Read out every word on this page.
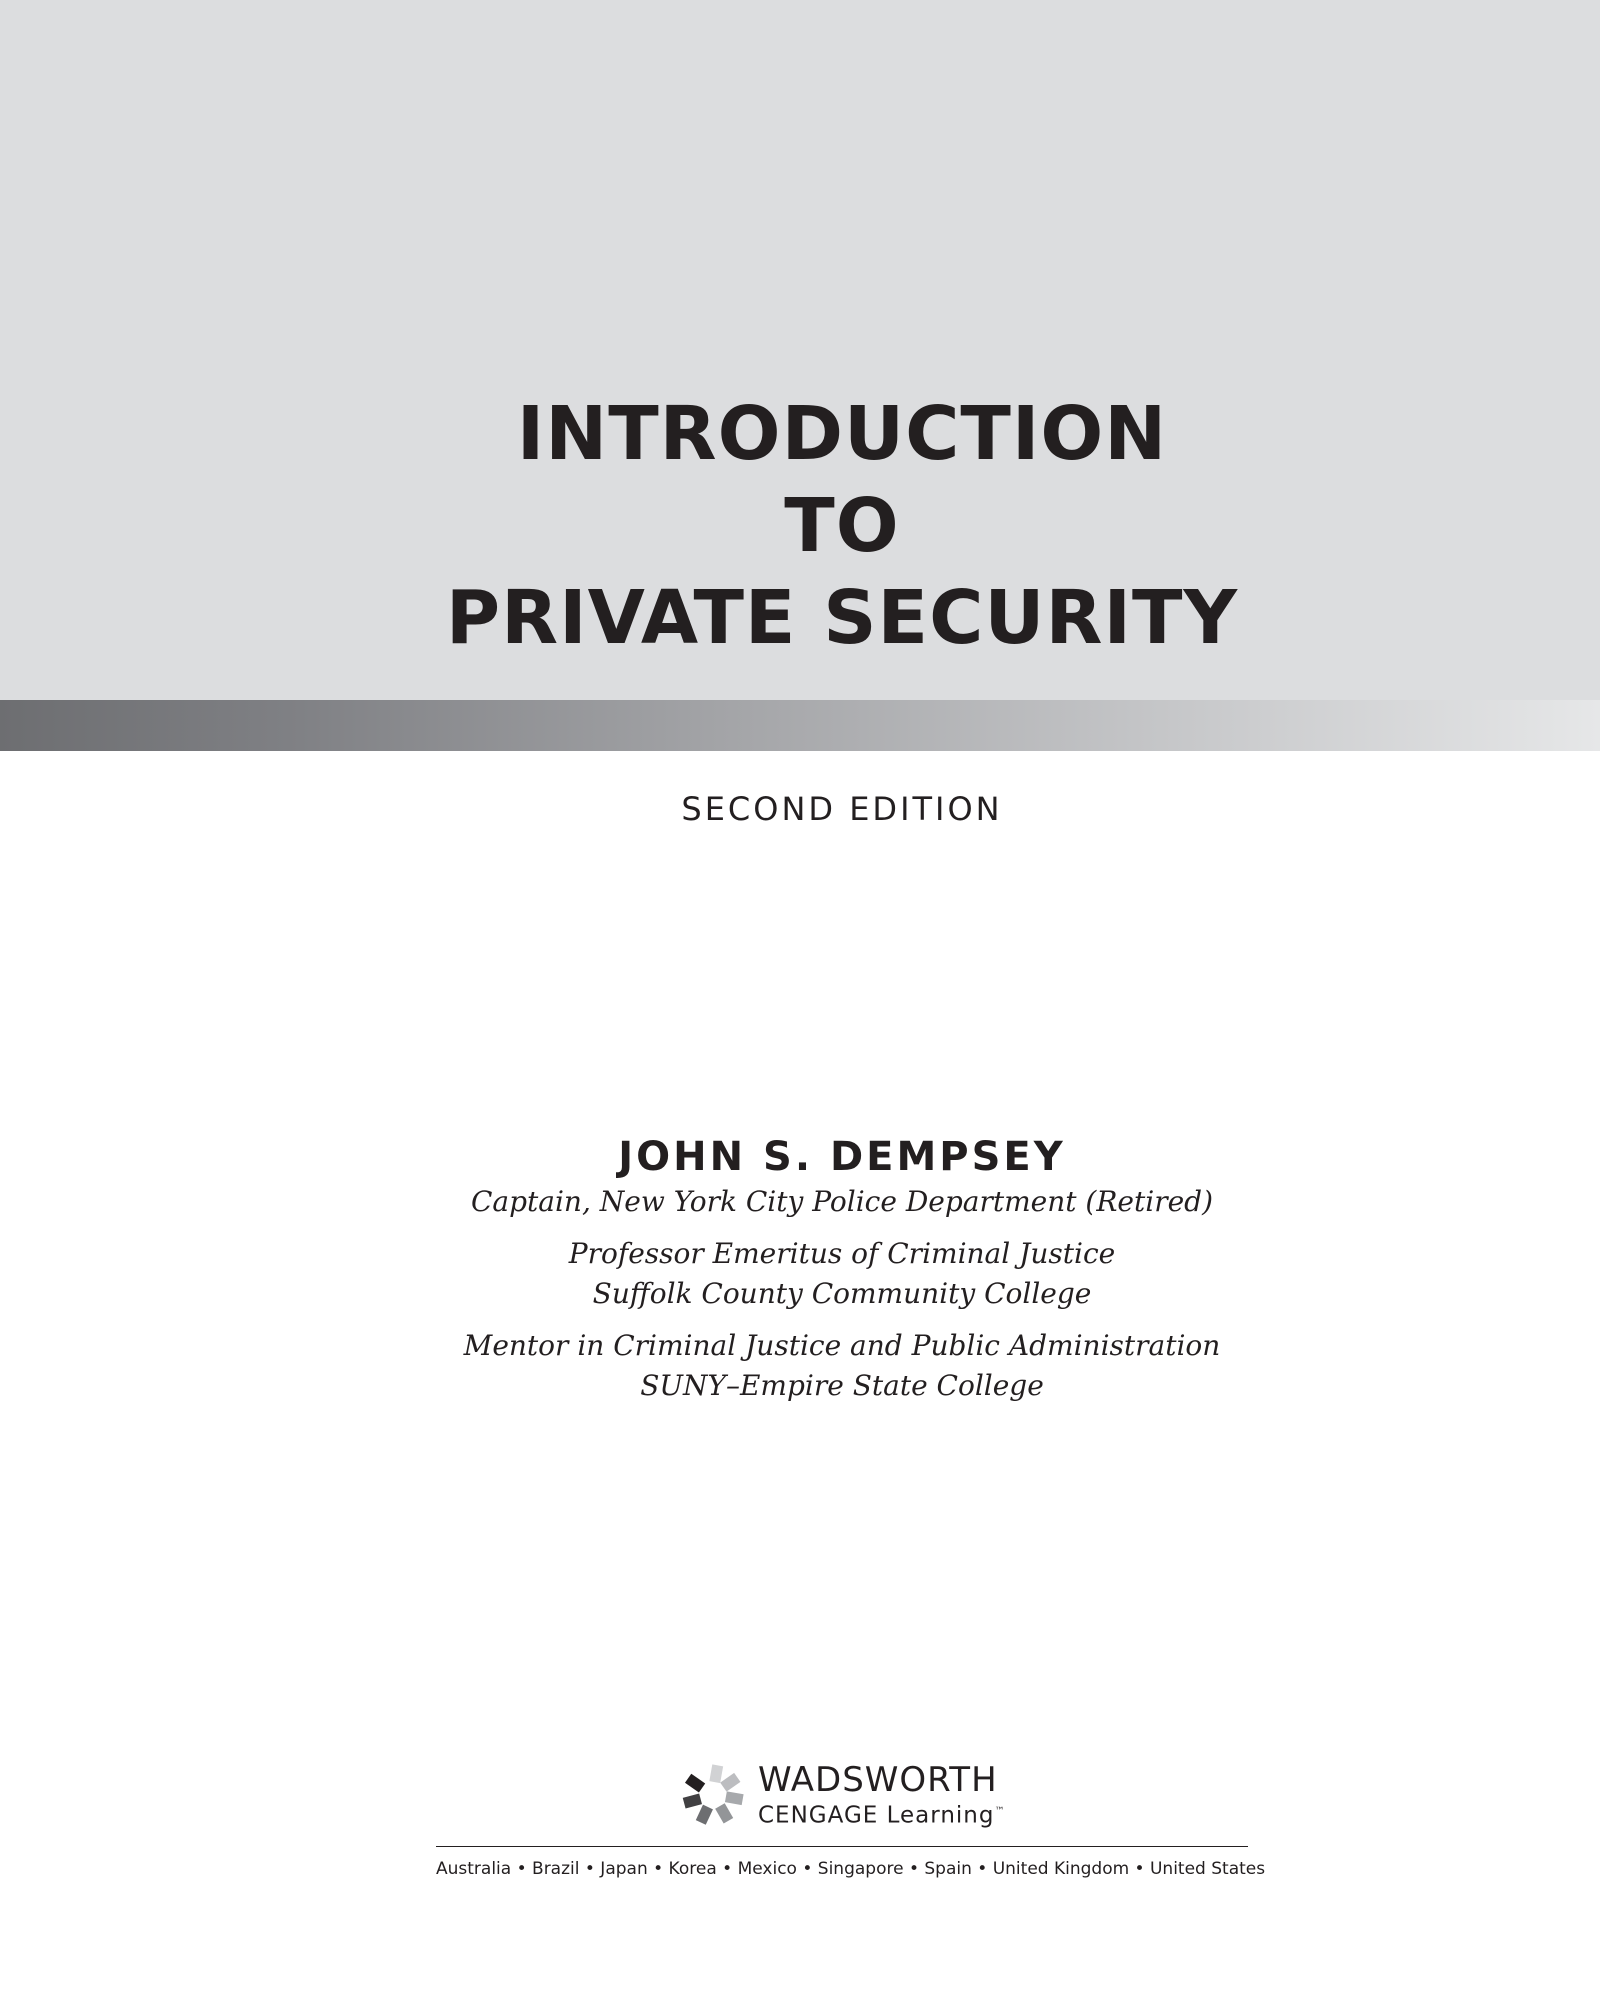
INTRODUCTION
TO
PRIVATE SECURITY
SECOND EDITION
JOHN S. DEMPSEY
Captain, New York City Police Department (Retired)
Professor Emeritus of Criminal Justice
Suffolk County Community College
Mentor in Criminal Justice and Public Administration
SUNY–Empire State College
WADSWORTH
CENGAGE Learning™
Australia • Brazil • Japan • Korea • Mexico • Singapore • Spain • United Kingdom • United States
